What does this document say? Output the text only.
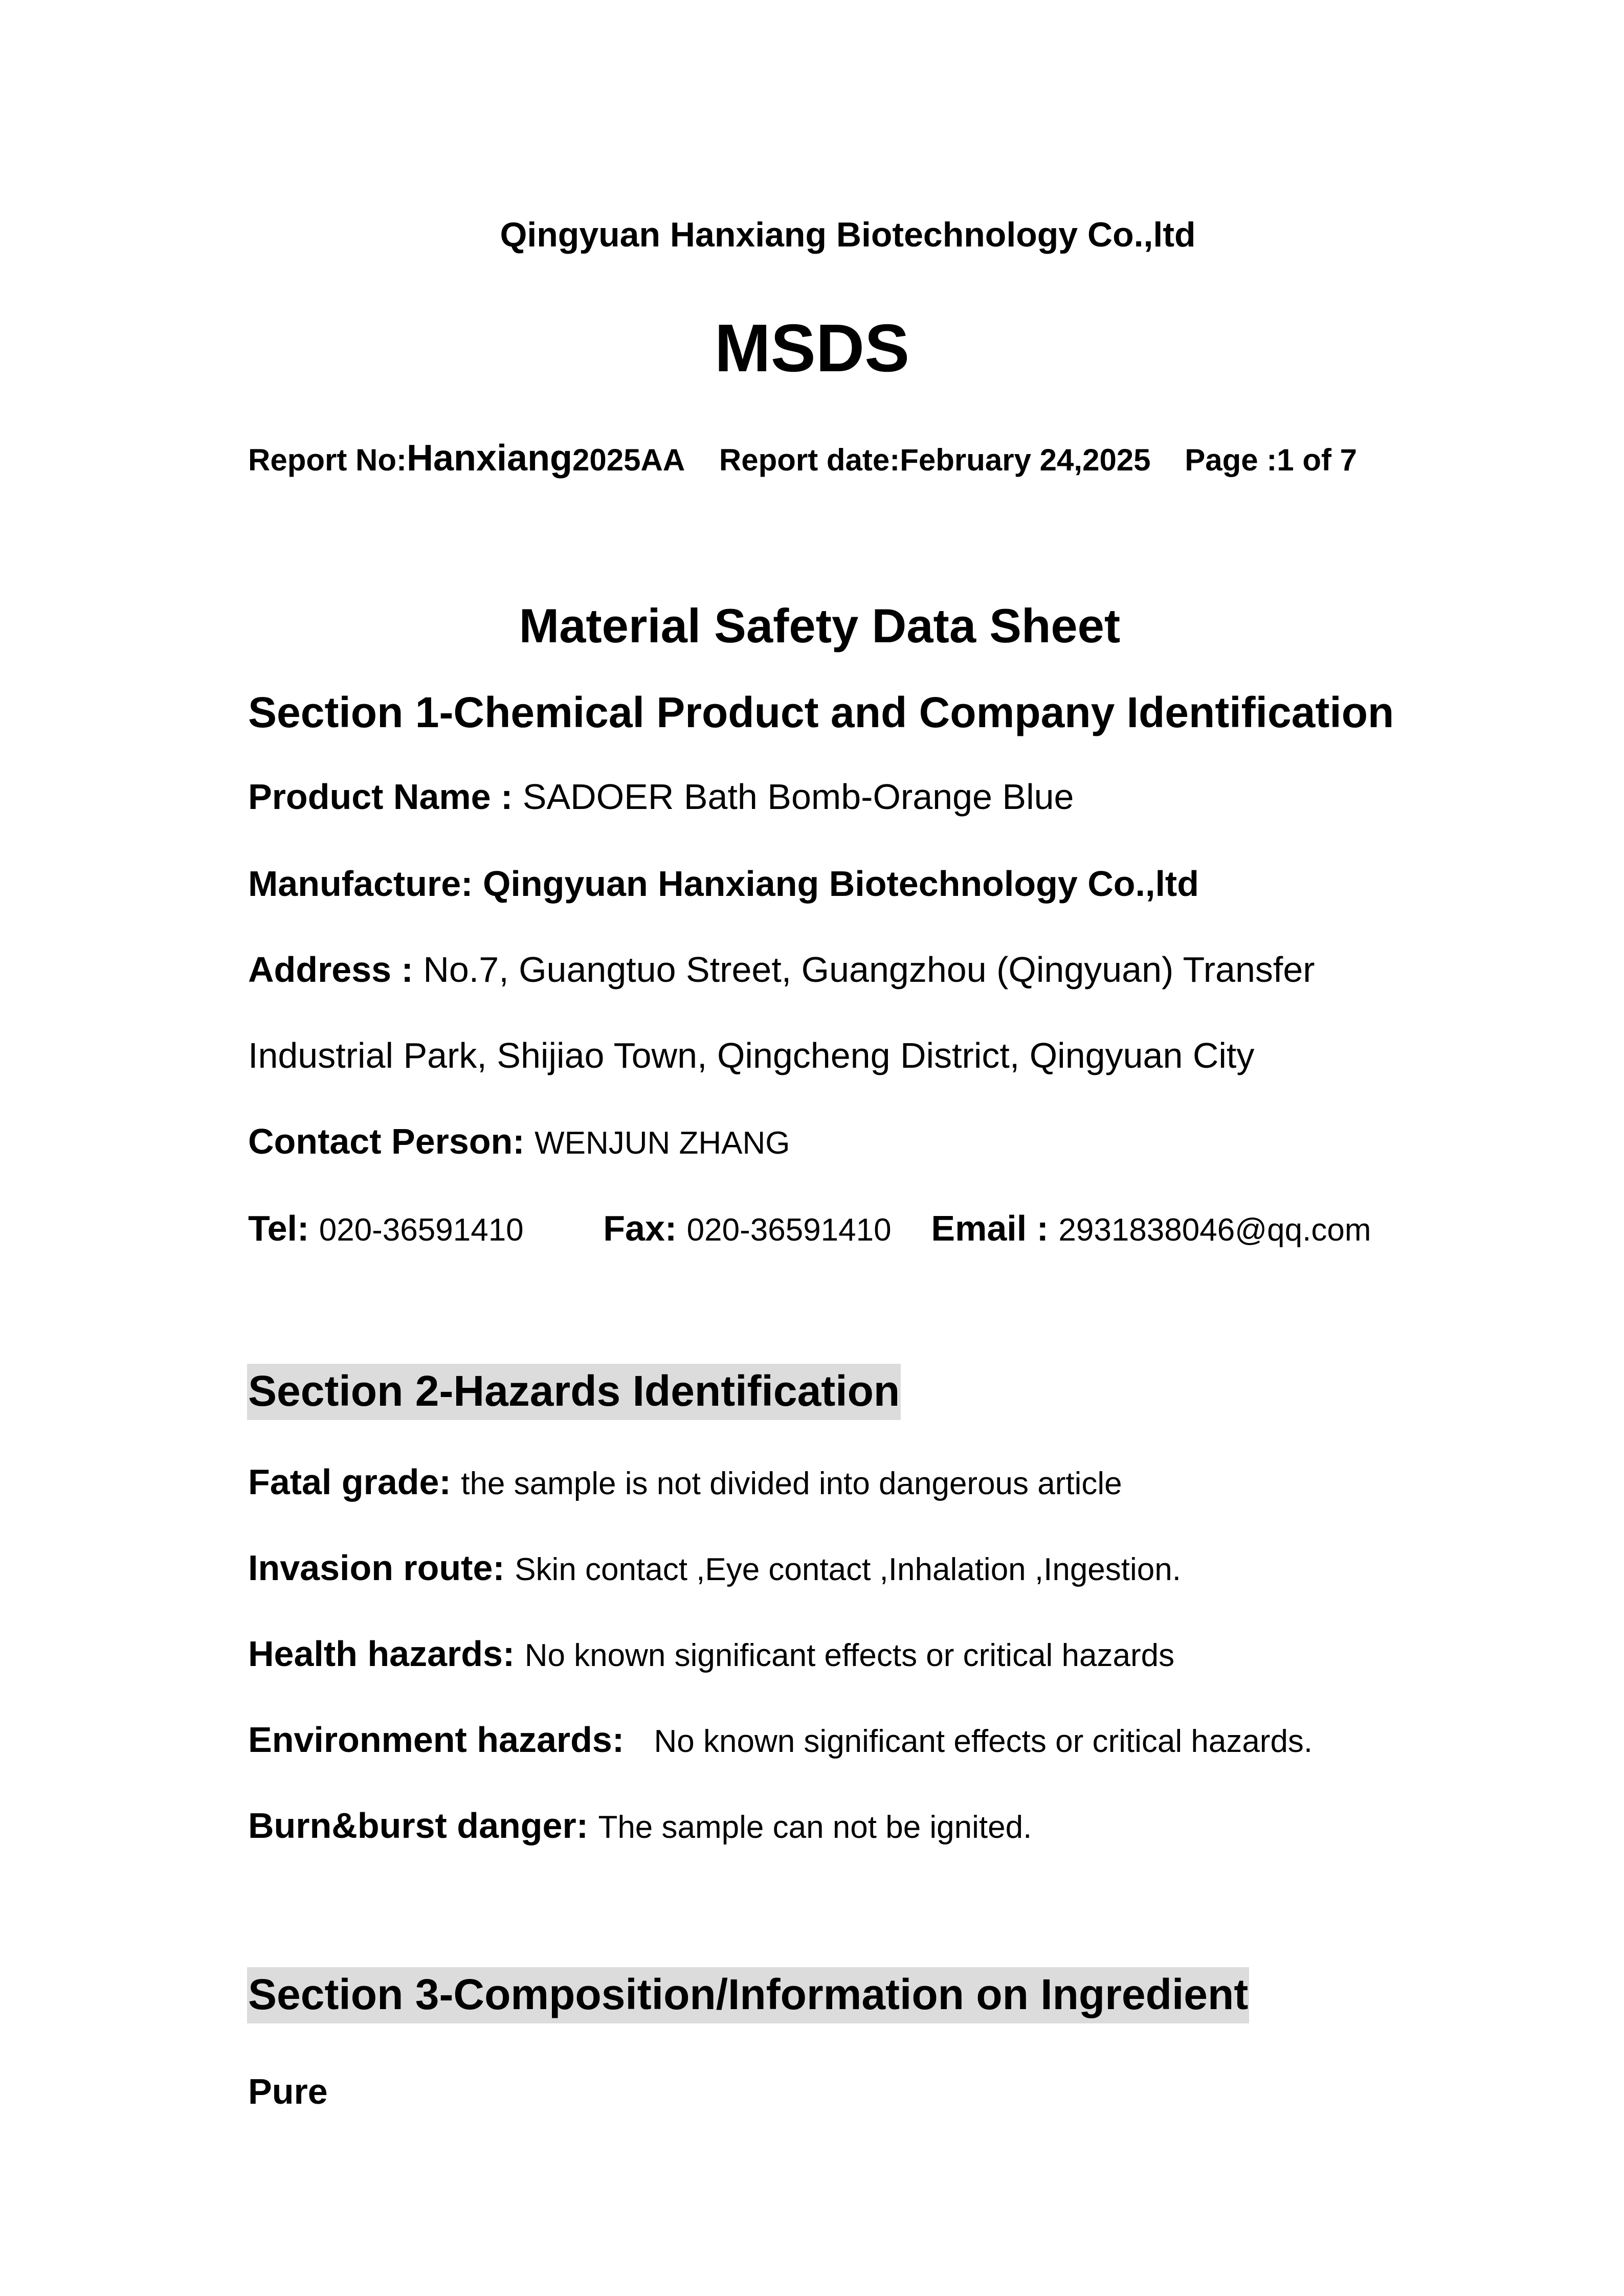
Qingyuan Hanxiang Biotechnology Co.,ltd
MSDS
Report No:Hanxiang2025AA Report date:February 24,2025 Page :1 of 7
Material Safety Data Sheet
Section 1-Chemical Product and Company Identification
Product Name : SADOER Bath Bomb-Orange Blue
Manufacture: Qingyuan Hanxiang Biotechnology Co.,ltd
Address : No.7, Guangtuo Street, Guangzhou (Qingyuan) Transfer
Industrial Park, Shijiao Town, Qingcheng District, Qingyuan City
Contact Person: WENJUN ZHANG
Tel: 020-36591410 Fax: 020-36591410 Email : 2931838046@qq.com
Section 2-Hazards Identification
Fatal grade: the sample is not divided into dangerous article
Invasion route: Skin contact ,Eye contact ,Inhalation ,Ingestion.
Health hazards: No known significant effects or critical hazards
Environment hazards: No known significant effects or critical hazards.
Burn&burst danger: The sample can not be ignited.
Section 3-Composition/Information on Ingredient
Pure
